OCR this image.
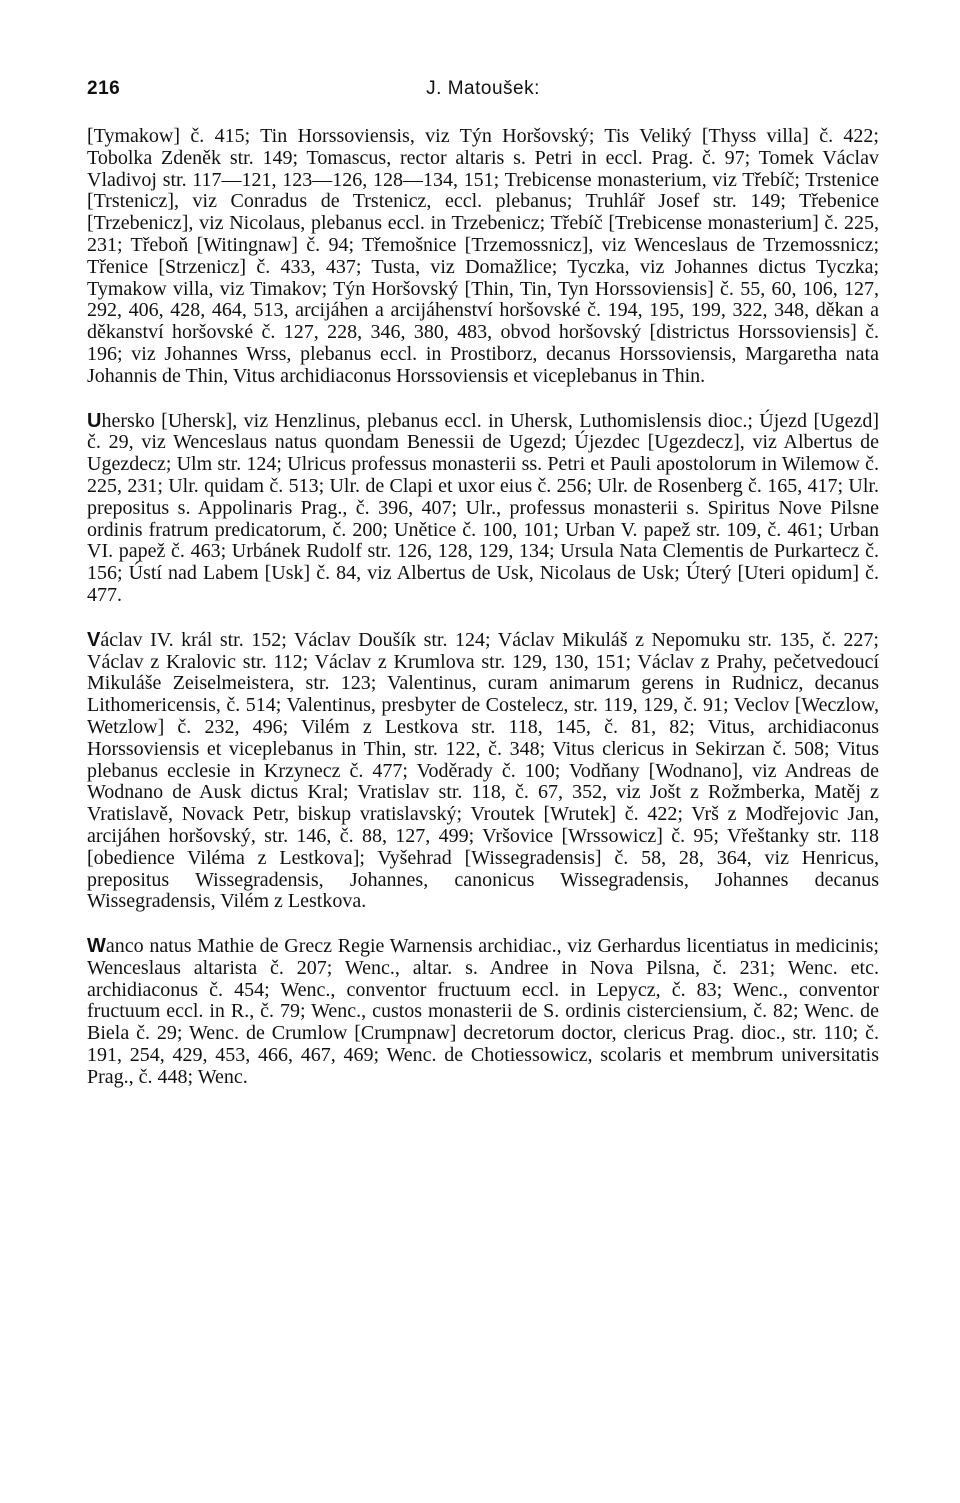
216	J. Matoušek:

[Tymakow] č. 415; Tin Horssoviensis, viz Týn Horšovský; Tis Veliký [Thyss villa] č. 422; Tobolka Zdeněk str. 149; Tomascus, rector altaris s. Petri in eccl. Prag. č. 97; Tomek Václav Vladivoj str. 117—121, 123—126, 128—134, 151; Trebicense monasterium, viz Třebíč; Trstenice [Trstenicz], viz Conradus de Trstenicz, eccl. plebanus; Truhlář Josef str. 149; Třebenice [Trzebenicz], viz Nicolaus, plebanus eccl. in Trzebenicz; Třebíč [Trebicense monasterium] č. 225, 231; Třeboň [Witingnaw] č. 94; Třemošnice [Trzemossnicz], viz Wenceslaus de Trzemossnicz; Třenice [Strzenicz] č. 433, 437; Tusta, viz Domažlice; Tyczka, viz Johannes dictus Tyczka; Tymakow villa, viz Timakov; Týn Horšovský [Thin, Tin, Tyn Horssoviensis] č. 55, 60, 106, 127, 292, 406, 428, 464, 513, arcijáhen a arcijáhenství horšovské č. 194, 195, 199, 322, 348, děkan a děkanství horšovské č. 127, 228, 346, 380, 483, obvod horšovský [districtus Horssoviensis] č. 196; viz Johannes Wrss, plebanus eccl. in Prostiborz, decanus Horssoviensis, Margaretha nata Johannis de Thin, Vitus archidiaconus Horssoviensis et viceplebanus in Thin.

Uhersko [Uhersk], viz Henzlinus, plebanus eccl. in Uhersk, Luthomislensis dioc.; Újezd [Ugezd] č. 29, viz Wenceslaus natus quondam Benessii de Ugezd; Újezdec [Ugezdecz], viz Albertus de Ugezdecz; Ulm str. 124; Ulricus professus monasterii ss. Petri et Pauli apostolorum in Wilemow č. 225, 231; Ulr. quidam č. 513; Ulr. de Clapi et uxor eius č. 256; Ulr. de Rosenberg č. 165, 417; Ulr. prepositus s. Appolinaris Prag., č. 396, 407; Ulr., professus monasterii s. Spiritus Nove Pilsne ordinis fratrum predicatorum, č. 200; Unětice č. 100, 101; Urban V. papež str. 109, č. 461; Urban VI. papež č. 463; Urbánek Rudolf str. 126, 128, 129, 134; Ursula Nata Clementis de Purkartecz č. 156; Ústí nad Labem [Usk] č. 84, viz Albertus de Usk, Nicolaus de Usk; Úterý [Uteri opidum] č. 477.

Václav IV. král str. 152; Václav Doušík str. 124; Václav Mikuláš z Nepomuku str. 135, č. 227; Václav z Kralovic str. 112; Václav z Krumlova str. 129, 130, 151; Václav z Prahy, pečetvedoucí Mikuláše Zeiselmeistera, str. 123; Valentinus, curam animarum gerens in Rudnicz, decanus Lithomericensis, č. 514; Valentinus, presbyter de Costelecz, str. 119, 129, č. 91; Veclov [Weczlow, Wetzlow] č. 232, 496; Vilém z Lestkova str. 118, 145, č. 81, 82; Vitus, archidiaconus Horssoviensis et viceplebanus in Thin, str. 122, č. 348; Vitus clericus in Sekirzan č. 508; Vitus plebanus ecclesie in Krzynecz č. 477; Voděrady č. 100; Vodňany [Wodnano], viz Andreas de Wodnano de Ausk dictus Kral; Vratislav str. 118, č. 67, 352, viz Jošt z Rožmberka, Matěj z Vratislavě, Novack Petr, biskup vratislavský; Vroutek [Wrutek] č. 422; Vrš z Modřejovic Jan, arcijáhen horšovský, str. 146, č. 88, 127, 499; Vršovice [Wrssowicz] č. 95; Vřeštanky str. 118 [obedience Viléma z Lestkova]; Vyšehrad [Wissegradensis] č. 58, 28, 364, viz Henricus, prepositus Wissegradensis, Johannes, canonicus Wissegradensis, Johannes decanus Wissegradensis, Vilém z Lestkova.

Wanco natus Mathie de Grecz Regie Warnensis archidiac., viz Gerhardus licentiatus in medicinis; Wenceslaus altarista č. 207; Wenc., altar. s. Andree in Nova Pilsna, č. 231; Wenc. etc. archidiaconus č. 454; Wenc., conventor fructuum eccl. in Lepycz, č. 83; Wenc., conventor fructuum eccl. in R., č. 79; Wenc., custos monasterii de S. ordinis cisterciensium, č. 82; Wenc. de Biela č. 29; Wenc. de Crumlow [Crumpnaw] decretorum doctor, clericus Prag. dioc., str. 110; č. 191, 254, 429, 453, 466, 467, 469; Wenc. de Chotiessowicz, scolaris et membrum universitatis Prag., č. 448; Wenc.
